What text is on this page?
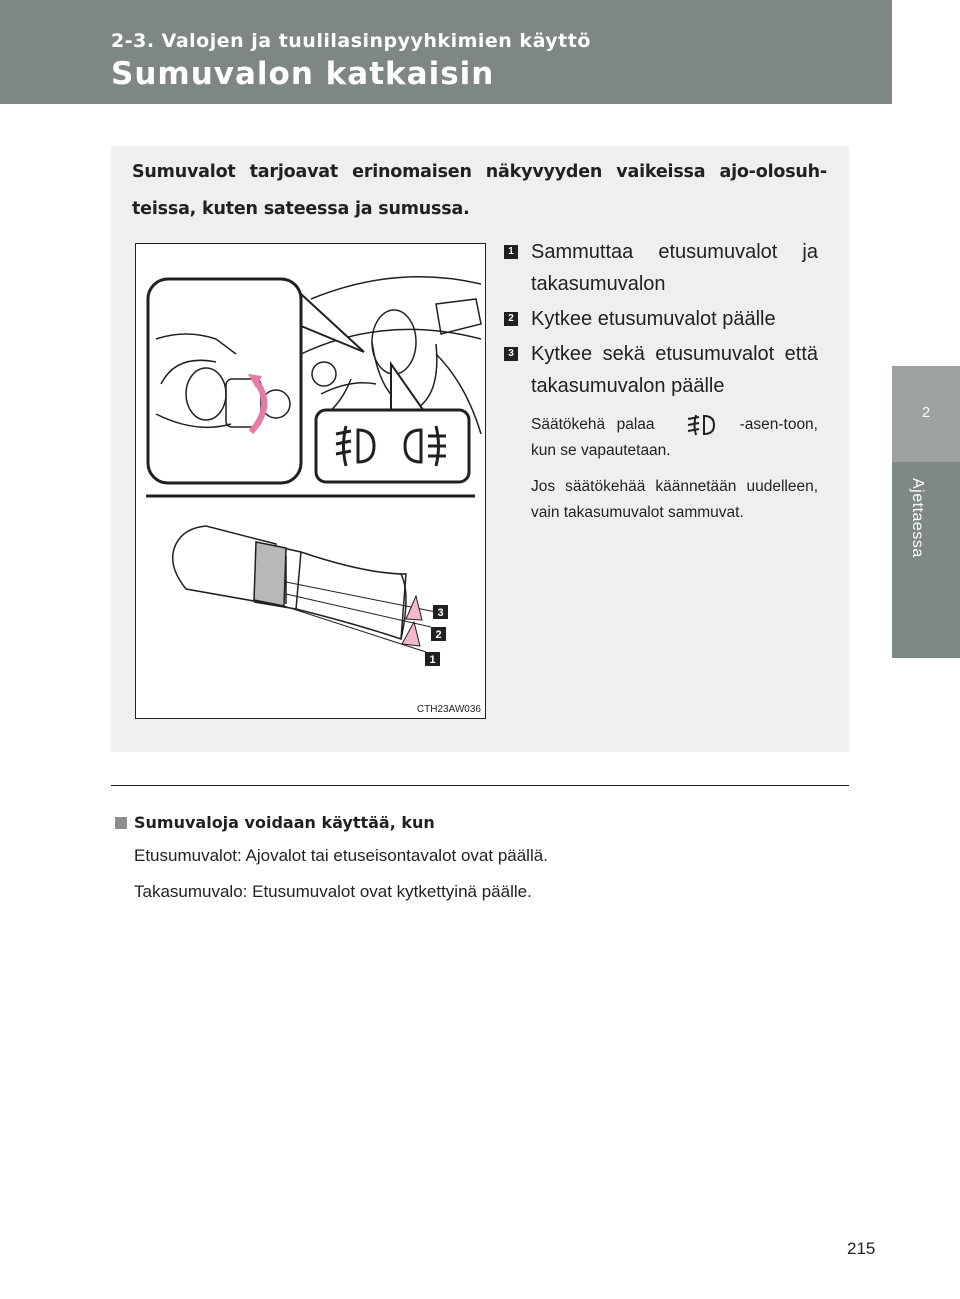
2-3. Valojen ja tuulilasinpyyhkimien käyttö
Sumuvalon katkaisin
2
Ajettaessa
Sumuvalot tarjoavat erinomaisen näkyvyyden vaikeissa ajo-olosuh-teissa, kuten sateessa ja sumussa.
3
2
1
CTH23AW036
1 Sammuttaa etusumuvalot ja takasumuvalon
2 Kytkee etusumuvalot päälle
3 Kytkee sekä etusumuvalot että takasumuvalon päälle
Säätökehä palaa	-asen-toon, kun se vapautetaan.
Jos säätökehää käännetään uudelleen, vain takasumuvalot sammuvat.
Sumuvaloja voidaan käyttää, kun
Etusumuvalot: Ajovalot tai etuseisontavalot ovat päällä.
Takasumuvalo: Etusumuvalot ovat kytkettyinä päälle.
215
